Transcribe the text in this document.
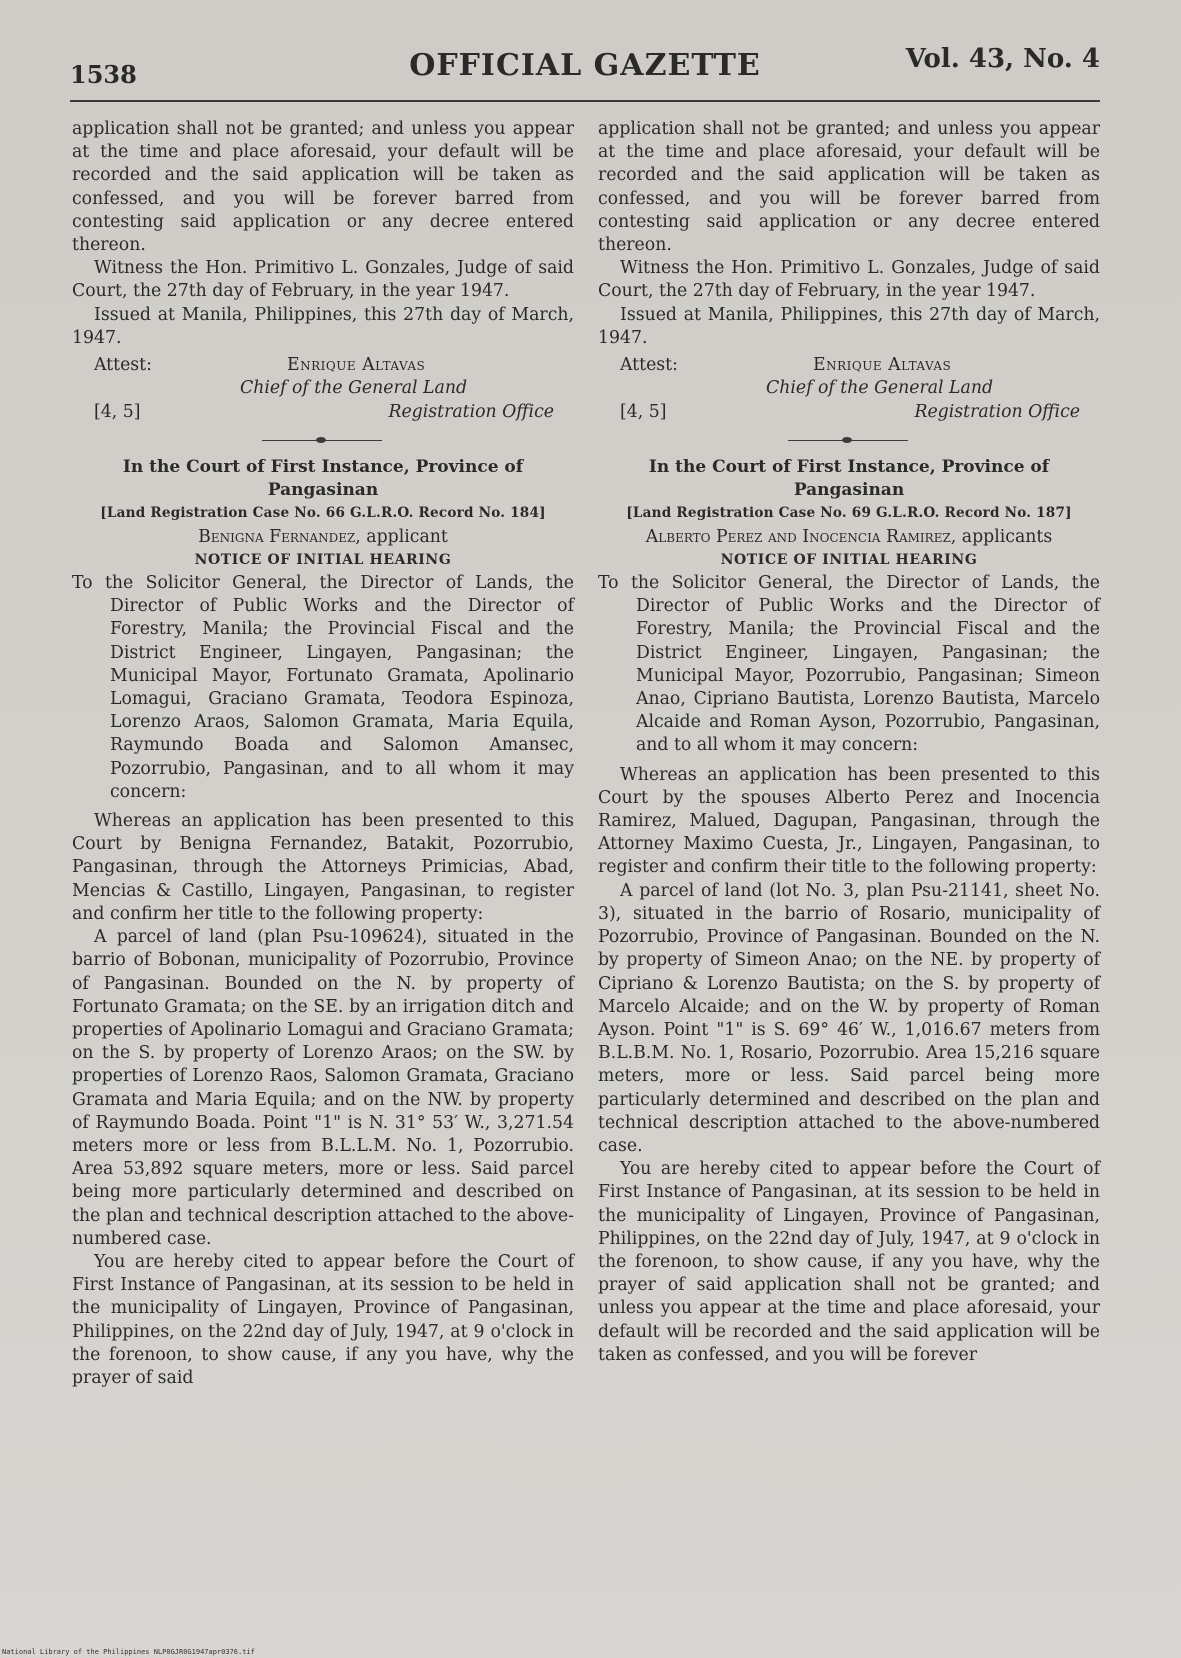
1538	OFFICIAL GAZETTE	Vol. 43, No. 4

application shall not be granted; and unless you appear at the time and place aforesaid, your default will be recorded and the said application will be taken as confessed, and you will be forever barred from contesting said application or any decree entered thereon.

Witness the Hon. Primitivo L. Gonzales, Judge of said Court, the 27th day of February, in the year 1947.

Issued at Manila, Philippines, this 27th day of March, 1947.

Attest:	Enrique Altavas
Chief of the General Land
[4, 5]	Registration Office

In the Court of First Instance, Province of Pangasinan

[Land Registration Case No. 66 G.L.R.O. Record No. 184]

Benigna Fernandez, applicant

NOTICE OF INITIAL HEARING

To the Solicitor General, the Director of Lands, the Director of Public Works and the Director of Forestry, Manila; the Provincial Fiscal and the District Engineer, Lingayen, Pangasinan; the Municipal Mayor, Fortunato Gramata, Apolinario Lomagui, Graciano Gramata, Teodora Espinoza, Lorenzo Araos, Salomon Gramata, Maria Equila, Raymundo Boada and Salomon Amansec, Pozorrubio, Pangasinan, and to all whom it may concern:

Whereas an application has been presented to this Court by Benigna Fernandez, Batakit, Pozorrubio, Pangasinan, through the Attorneys Primicias, Abad, Mencias & Castillo, Lingayen, Pangasinan, to register and confirm her title to the following property:

A parcel of land (plan Psu-109624), situated in the barrio of Bobonan, municipality of Pozorrubio, Province of Pangasinan. Bounded on the N. by property of Fortunato Gramata; on the SE. by an irrigation ditch and properties of Apolinario Lomagui and Graciano Gramata; on the S. by property of Lorenzo Araos; on the SW. by properties of Lorenzo Raos, Salomon Gramata, Graciano Gramata and Maria Equila; and on the NW. by property of Raymundo Boada. Point "1" is N. 31° 53′ W., 3,271.54 meters more or less from B.L.L.M. No. 1, Pozorrubio. Area 53,892 square meters, more or less. Said parcel being more particularly determined and described on the plan and technical description attached to the above-numbered case.

You are hereby cited to appear before the Court of First Instance of Pangasinan, at its session to be held in the municipality of Lingayen, Province of Pangasinan, Philippines, on the 22nd day of July, 1947, at 9 o'clock in the forenoon, to show cause, if any you have, why the prayer of said

application shall not be granted; and unless you appear at the time and place aforesaid, your default will be recorded and the said application will be taken as confessed, and you will be forever barred from contesting said application or any decree entered thereon.

Witness the Hon. Primitivo L. Gonzales, Judge of said Court, the 27th day of February, in the year 1947.

Issued at Manila, Philippines, this 27th day of March, 1947.

Attest:	Enrique Altavas
Chief of the General Land
[4, 5]	Registration Office

In the Court of First Instance, Province of Pangasinan

[Land Registration Case No. 69 G.L.R.O. Record No. 187]

Alberto Perez and Inocencia Ramirez, applicants

NOTICE OF INITIAL HEARING

To the Solicitor General, the Director of Lands, the Director of Public Works and the Director of Forestry, Manila; the Provincial Fiscal and the District Engineer, Lingayen, Pangasinan; the Municipal Mayor, Pozorrubio, Pangasinan; Simeon Anao, Cipriano Bautista, Lorenzo Bautista, Marcelo Alcaide and Roman Ayson, Pozorrubio, Pangasinan, and to all whom it may concern:

Whereas an application has been presented to this Court by the spouses Alberto Perez and Inocencia Ramirez, Malued, Dagupan, Pangasinan, through the Attorney Maximo Cuesta, Jr., Lingayen, Pangasinan, to register and confirm their title to the following property:

A parcel of land (lot No. 3, plan Psu-21141, sheet No. 3), situated in the barrio of Rosario, municipality of Pozorrubio, Province of Pangasinan. Bounded on the N. by property of Simeon Anao; on the NE. by property of Cipriano & Lorenzo Bautista; on the S. by property of Marcelo Alcaide; and on the W. by property of Roman Ayson. Point "1" is S. 69° 46′ W., 1,016.67 meters from B.L.B.M. No. 1, Rosario, Pozorrubio. Area 15,216 square meters, more or less. Said parcel being more particularly determined and described on the plan and technical description attached to the above-numbered case.

You are hereby cited to appear before the Court of First Instance of Pangasinan, at its session to be held in the municipality of Lingayen, Province of Pangasinan, Philippines, on the 22nd day of July, 1947, at 9 o'clock in the forenoon, to show cause, if any you have, why the prayer of said application shall not be granted; and unless you appear at the time and place aforesaid, your default will be recorded and the said application will be taken as confessed, and you will be forever

National Library of the Philippines NLP0GJR0G1947apr0376.tif
